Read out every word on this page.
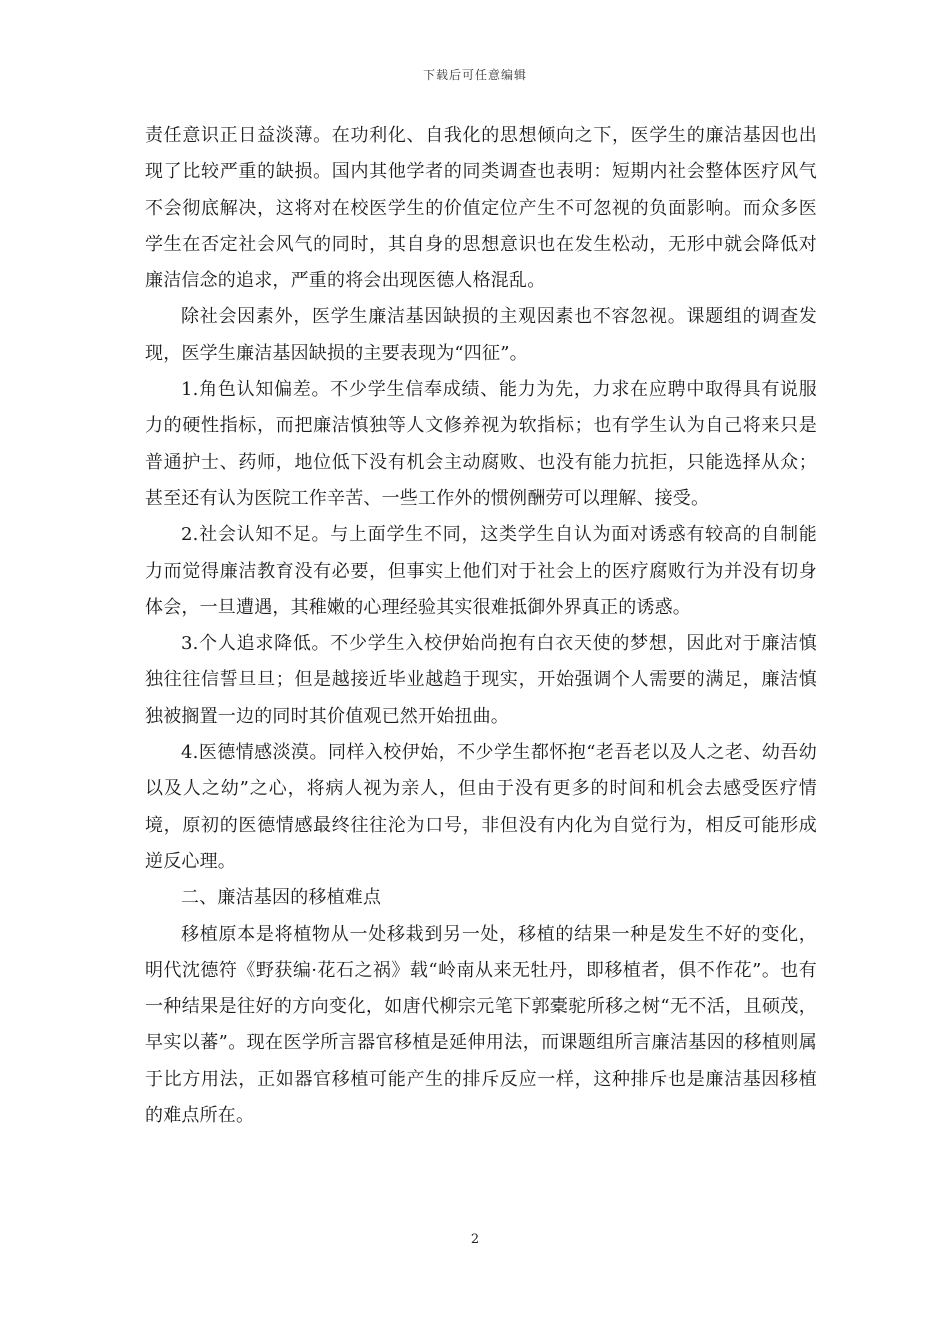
下载后可任意编辑

责任意识正日益淡薄。在功利化、自我化的思想倾向之下，医学生的廉洁基因也出现了比较严重的缺损。国内其他学者的同类调查也表明：短期内社会整体医疗风气不会彻底解决，这将对在校医学生的价值定位产生不可忽视的负面影响。而众多医学生在否定社会风气的同时，其自身的思想意识也在发生松动，无形中就会降低对廉洁信念的追求，严重的将会出现医德人格混乱。

除社会因素外，医学生廉洁基因缺损的主观因素也不容忽视。课题组的调查发现，医学生廉洁基因缺损的主要表现为“四征”。

1.角色认知偏差。不少学生信奉成绩、能力为先，力求在应聘中取得具有说服力的硬性指标，而把廉洁慎独等人文修养视为软指标；也有学生认为自己将来只是普通护士、药师，地位低下没有机会主动腐败、也没有能力抗拒，只能选择从众；甚至还有认为医院工作辛苦、一些工作外的惯例酬劳可以理解、接受。

2.社会认知不足。与上面学生不同，这类学生自认为面对诱惑有较高的自制能力而觉得廉洁教育没有必要，但事实上他们对于社会上的医疗腐败行为并没有切身体会，一旦遭遇，其稚嫩的心理经验其实很难抵御外界真正的诱惑。

3.个人追求降低。不少学生入校伊始尚抱有白衣天使的梦想，因此对于廉洁慎独往往信誓旦旦；但是越接近毕业越趋于现实，开始强调个人需要的满足，廉洁慎独被搁置一边的同时其价值观已然开始扭曲。

4.医德情感淡漠。同样入校伊始，不少学生都怀抱“老吾老以及人之老、幼吾幼以及人之幼”之心，将病人视为亲人，但由于没有更多的时间和机会去感受医疗情境，原初的医德情感最终往往沦为口号，非但没有内化为自觉行为，相反可能形成逆反心理。

二、廉洁基因的移植难点

移植原本是将植物从一处移栽到另一处，移植的结果一种是发生不好的变化，明代沈德符《野获编·花石之祸》载“岭南从来无牡丹，即移植者，俱不作花”。也有一种结果是往好的方向变化，如唐代柳宗元笔下郭橐驼所移之树“无不活，且硕茂，早实以蕃”。现在医学所言器官移植是延伸用法，而课题组所言廉洁基因的移植则属于比方用法，正如器官移植可能产生的排斥反应一样，这种排斥也是廉洁基因移植的难点所在。

2
